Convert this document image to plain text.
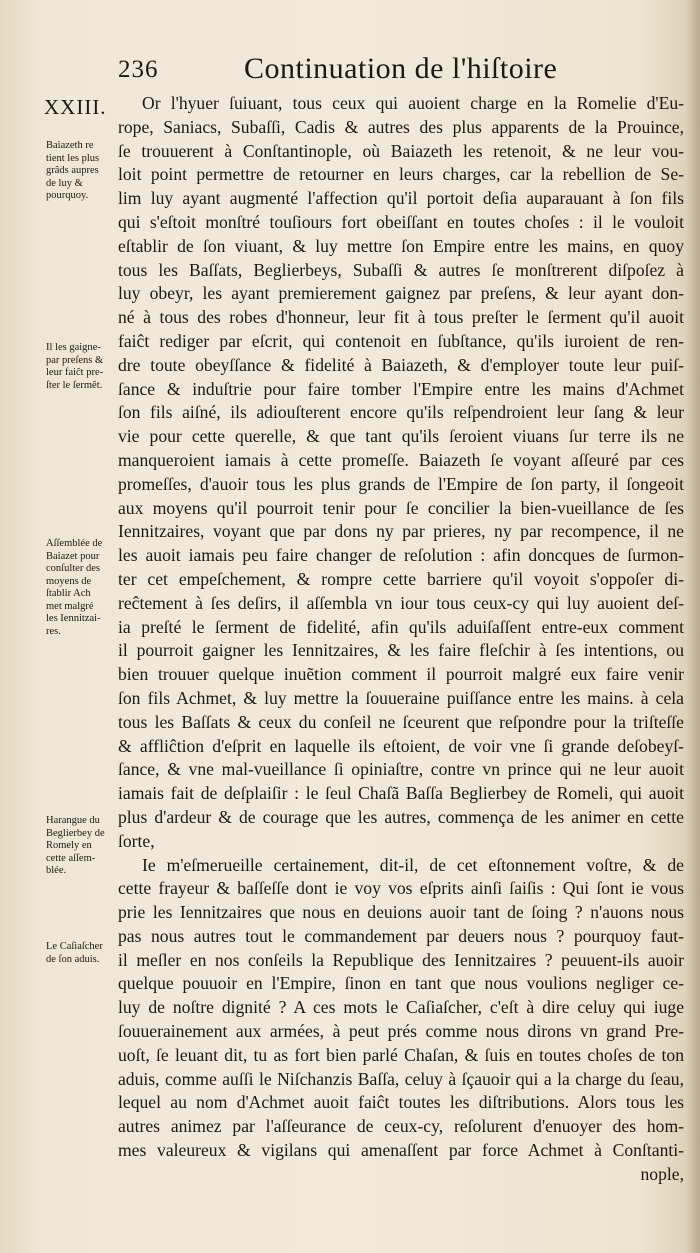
236	Continuation de l'hiſtoire
XXIII.
Baiazeth re
tient les plus
grâds aupres
de luy &
pourquoy.
Il les gaigne-
par preſens &
leur faiĉt pre-
ſter le ſermẽt.
Aſſemblée de
Baiazet pour
conſulter des
moyens de
ſtablir Ach
met malgré
les Iennitzai-
res.
Harangue du
Beglierbey de
Romely en
cette aſſem-
blée.
Le Caſiaſcher
de ſon aduis.
Or l'hyuer ſuiuant, tous ceux qui auoient charge en la Romelie d'Eu-
rope, Saniacs, Subaſſi, Cadis & autres des plus apparents de la Prouince,
ſe trouuerent à Conſtantinople, où Baiazeth les retenoit, & ne leur vou-
loit point permettre de retourner en leurs charges, car la rebellion de Se-
lim luy ayant augmenté l'affection qu'il portoit deſia auparauant à ſon fils
qui s'eſtoit monſtré touſiours fort obeiſſant en toutes choſes : il le vouloit
eſtablir de ſon viuant, & luy mettre ſon Empire entre les mains, en quoy
tous les Baſſats, Beglierbeys, Subaſſi & autres ſe monſtrerent diſpoſez à
luy obeyr, les ayant premierement gaignez par preſens, & leur ayant don-
né à tous des robes d'honneur, leur fit à tous preſter le ſerment qu'il auoit
faiĉt rediger par eſcrit, qui contenoit en ſubſtance, qu'ils iuroient de ren-
dre toute obeyſſance & fidelité à Baiazeth, & d'employer toute leur puiſ-
ſance & induſtrie pour faire tomber l'Empire entre les mains d'Achmet
ſon fils aiſné, ils adiouſterent encore qu'ils reſpendroient leur ſang & leur
vie pour cette querelle, & que tant qu'ils ſeroient viuans ſur terre ils ne
manqueroient iamais à cette promeſſe. Baiazeth ſe voyant aſſeuré par ces
promeſſes, d'auoir tous les plus grands de l'Empire de ſon party, il ſongeoit
aux moyens qu'il pourroit tenir pour ſe concilier la bien-vueillance de ſes
Iennitzaires, voyant que par dons ny par prieres, ny par recompence, il ne
les auoit iamais peu faire changer de reſolution : afin doncques de ſurmon-
ter cet empeſchement, & rompre cette barriere qu'il voyoit s'oppoſer di-
reĉtement à ſes deſirs, il aſſembla vn iour tous ceux-cy qui luy auoient deſ-
ia preſté le ſerment de fidelité, afin qu'ils aduiſaſſent entre-eux comment
il pourroit gaigner les Iennitzaires, & les faire fleſchir à ſes intentions, ou
bien trouuer quelque inuẽtion comment il pourroit malgré eux faire venir
ſon fils Achmet, & luy mettre la ſouueraine puiſſance entre les mains. à cela
tous les Baſſats & ceux du conſeil ne ſceurent que reſpondre pour la triſteſſe
& affliĉtion d'eſprit en laquelle ils eſtoient, de voir vne ſi grande deſobeyſ-
ſance, & vne mal-vueillance ſi opiniaſtre, contre vn prince qui ne leur auoit
iamais fait de deſplaiſir : le ſeul Chaſã Baſſa Beglierbey de Romeli, qui auoit
plus d'ardeur & de courage que les autres, commença de les animer en cette
ſorte,
Ie m'eſmerueille certainement, dit-il, de cet eſtonnement voſtre, & de
cette frayeur & baſſeſſe dont ie voy vos eſprits ainſi ſaiſis : Qui ſont ie vous
prie les Iennitzaires que nous en deuions auoir tant de ſoing ? n'auons nous
pas nous autres tout le commandement par deuers nous ? pourquoy faut-
il meſler en nos conſeils la Republique des Iennitzaires ? peuuent-ils auoir
quelque pouuoir en l'Empire, ſinon en tant que nous voulions negliger ce-
luy de noſtre dignité ? A ces mots le Caſiaſcher, c'eſt à dire celuy qui iuge
ſouuerainement aux armées, à peut prés comme nous dirons vn grand Pre-
uoſt, ſe leuant dit, tu as fort bien parlé Chaſan, & ſuis en toutes choſes de ton
aduis, comme auſſi le Niſchanzis Baſſa, celuy à ſçauoir qui a la charge du ſeau,
lequel au nom d'Achmet auoit faiĉt toutes les diſtributions. Alors tous les
autres animez par l'aſſeurance de ceux-cy, reſolurent d'enuoyer des hom-
mes valeureux & vigilans qui amenaſſent par force Achmet à Conſtanti-
nople,
